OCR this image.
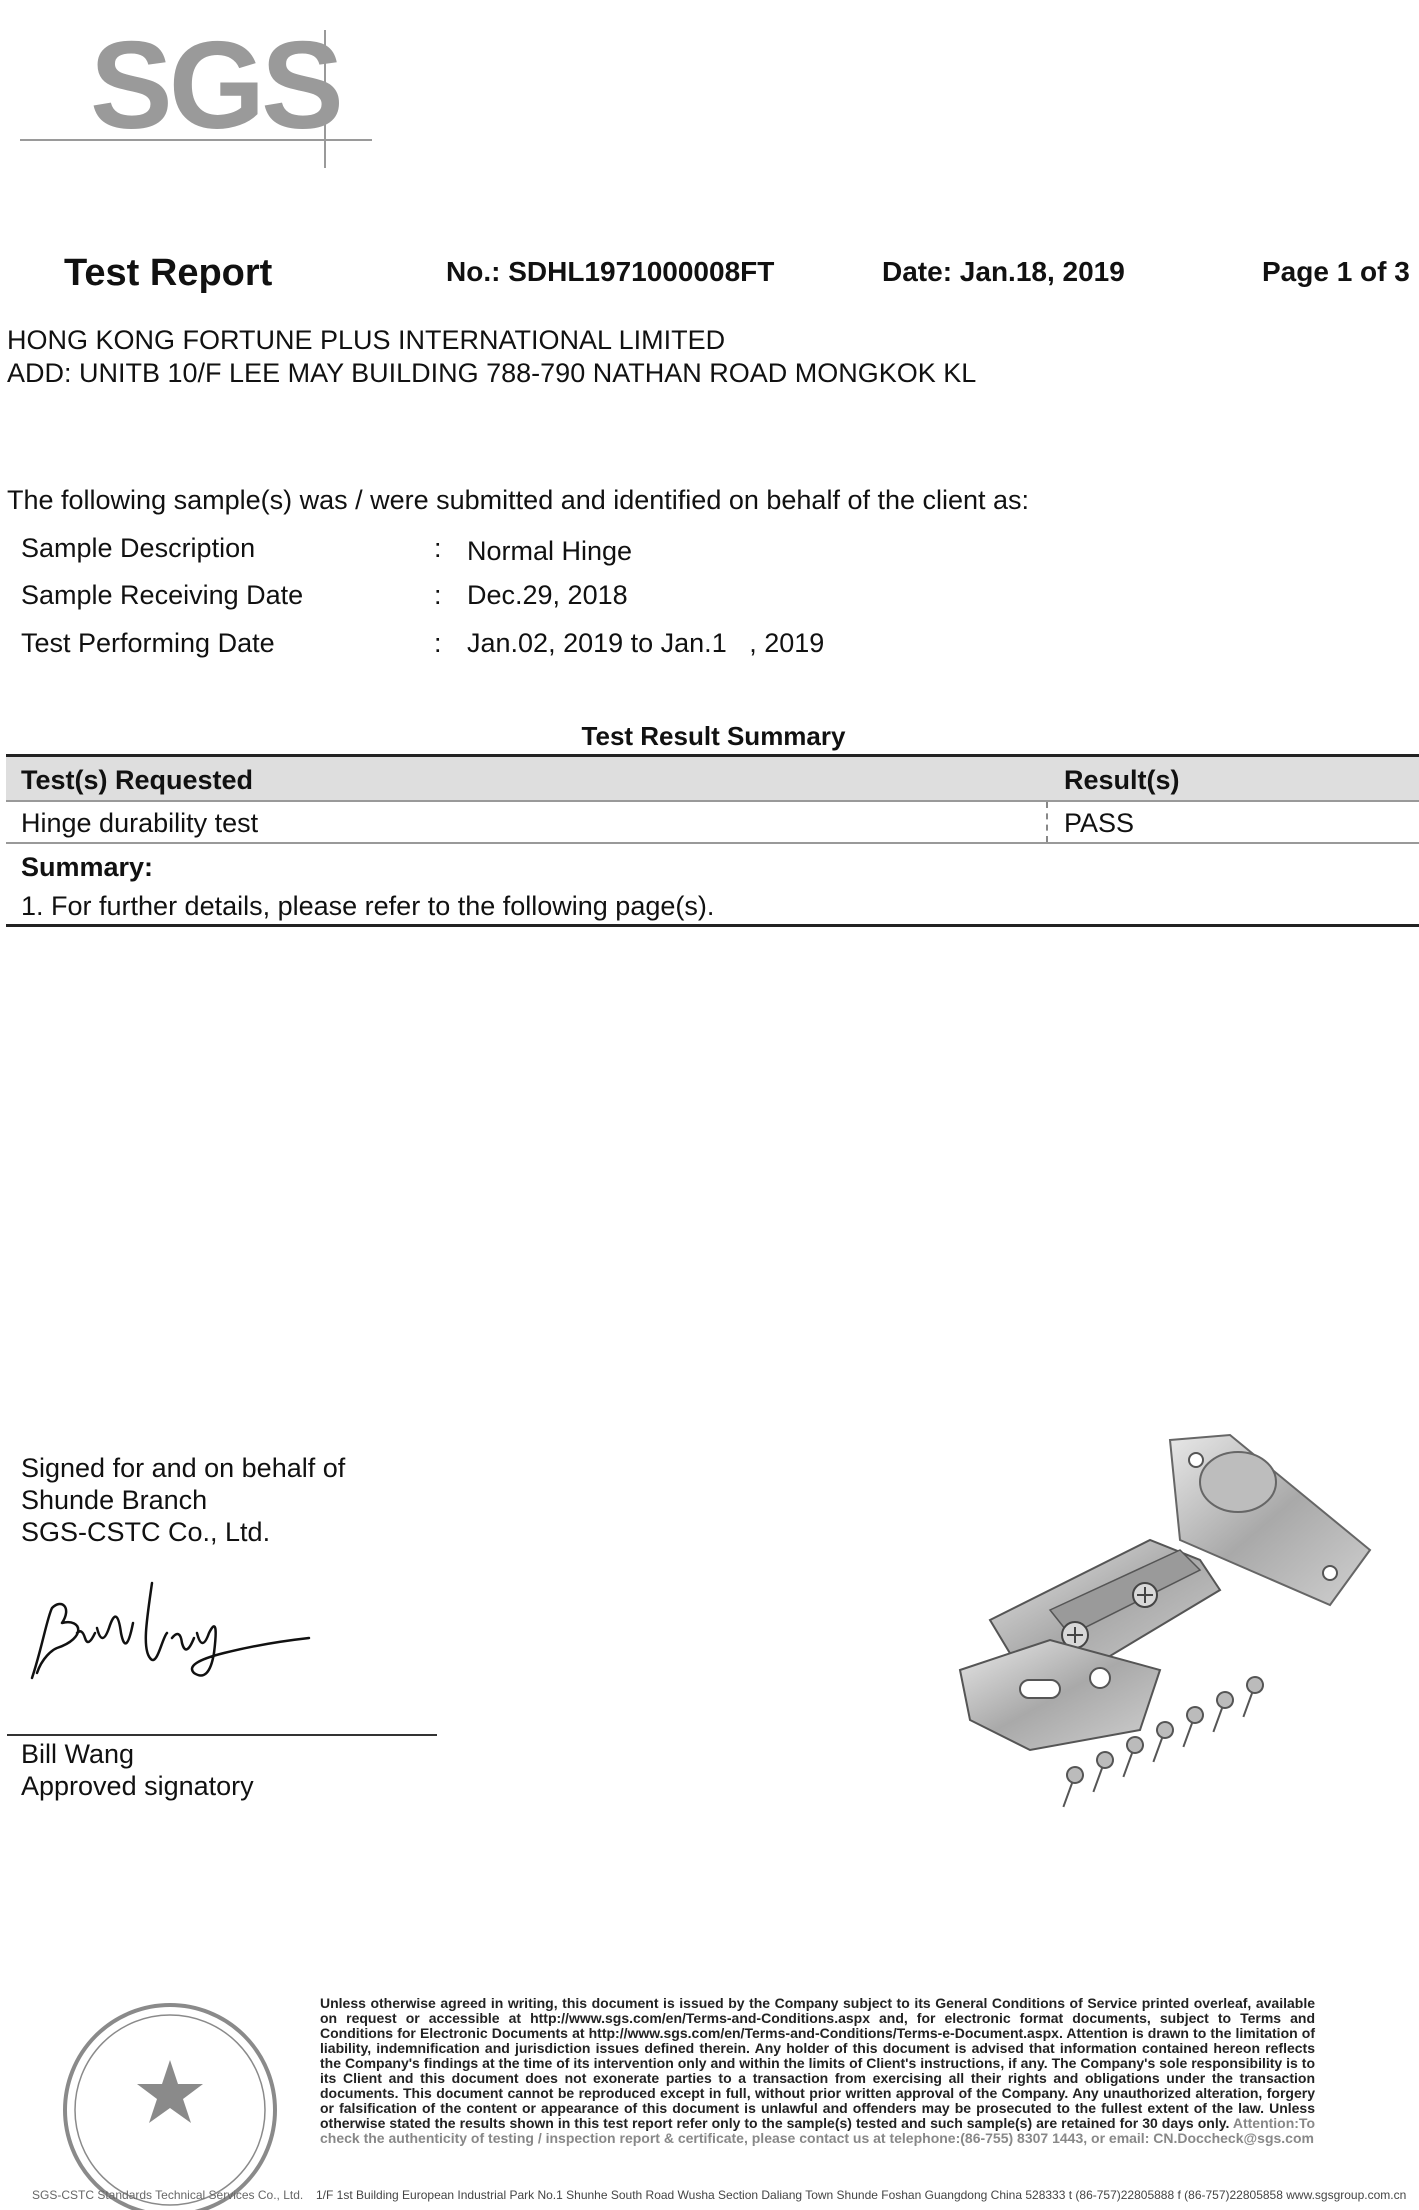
SGS
Test Report	No.: SDHL1971000008FT	Date: Jan.18, 2019	Page 1 of 3
HONG KONG FORTUNE PLUS INTERNATIONAL LIMITED
ADD: UNITB 10/F LEE MAY BUILDING 788-790 NATHAN ROAD MONGKOK KL
The following sample(s) was / were submitted and identified on behalf of the client as:
Sample Description	: Normal Hinge
Sample Receiving Date	: Dec.29, 2018
Test Performing Date	: Jan.02, 2019 to Jan.1   , 2019
Test Result Summary
Test(s) Requested	Result(s)
Hinge durability test	PASS
Summary:
1. For further details, please refer to the following page(s).
Signed for and on behalf of
Shunde Branch
SGS-CSTC Co., Ltd.
Bill Wang
Approved signatory
Unless otherwise agreed in writing, this document is issued by the Company subject to its General Conditions of Service printed overleaf, available on request or accessible at http://www.sgs.com/en/Terms-and-Conditions.aspx and, for electronic format documents, subject to Terms and Conditions for Electronic Documents at http://www.sgs.com/en/Terms-and-Conditions/Terms-e-Document.aspx. Attention is drawn to the limitation of liability, indemnification and jurisdiction issues defined therein. Any holder of this document is advised that information contained hereon reflects the Company's findings at the time of its intervention only and within the limits of Client's instructions, if any. The Company's sole responsibility is to its Client and this document does not exonerate parties to a transaction from exercising all their rights and obligations under the transaction documents. This document cannot be reproduced except in full, without prior written approval of the Company. Any unauthorized alteration, forgery or falsification of the content or appearance of this document is unlawful and offenders may be prosecuted to the fullest extent of the law. Unless otherwise stated the results shown in this test report refer only to the sample(s) tested and such sample(s) are retained for 30 days only. Attention:To check the authenticity of testing / inspection report & certificate, please contact us at telephone:(86-755) 8307 1443, or email: CN.Doccheck@sgs.com
SGS-CSTC Standards Technical Services Co., Ltd. 1/F 1st Building European Industrial Park No.1 Shunhe South Road Wusha Section Daliang Town Shunde Foshan Guangdong China 528333 t (86-757)22805888 f (86-757)22805858 www.sgsgroup.com.cn
